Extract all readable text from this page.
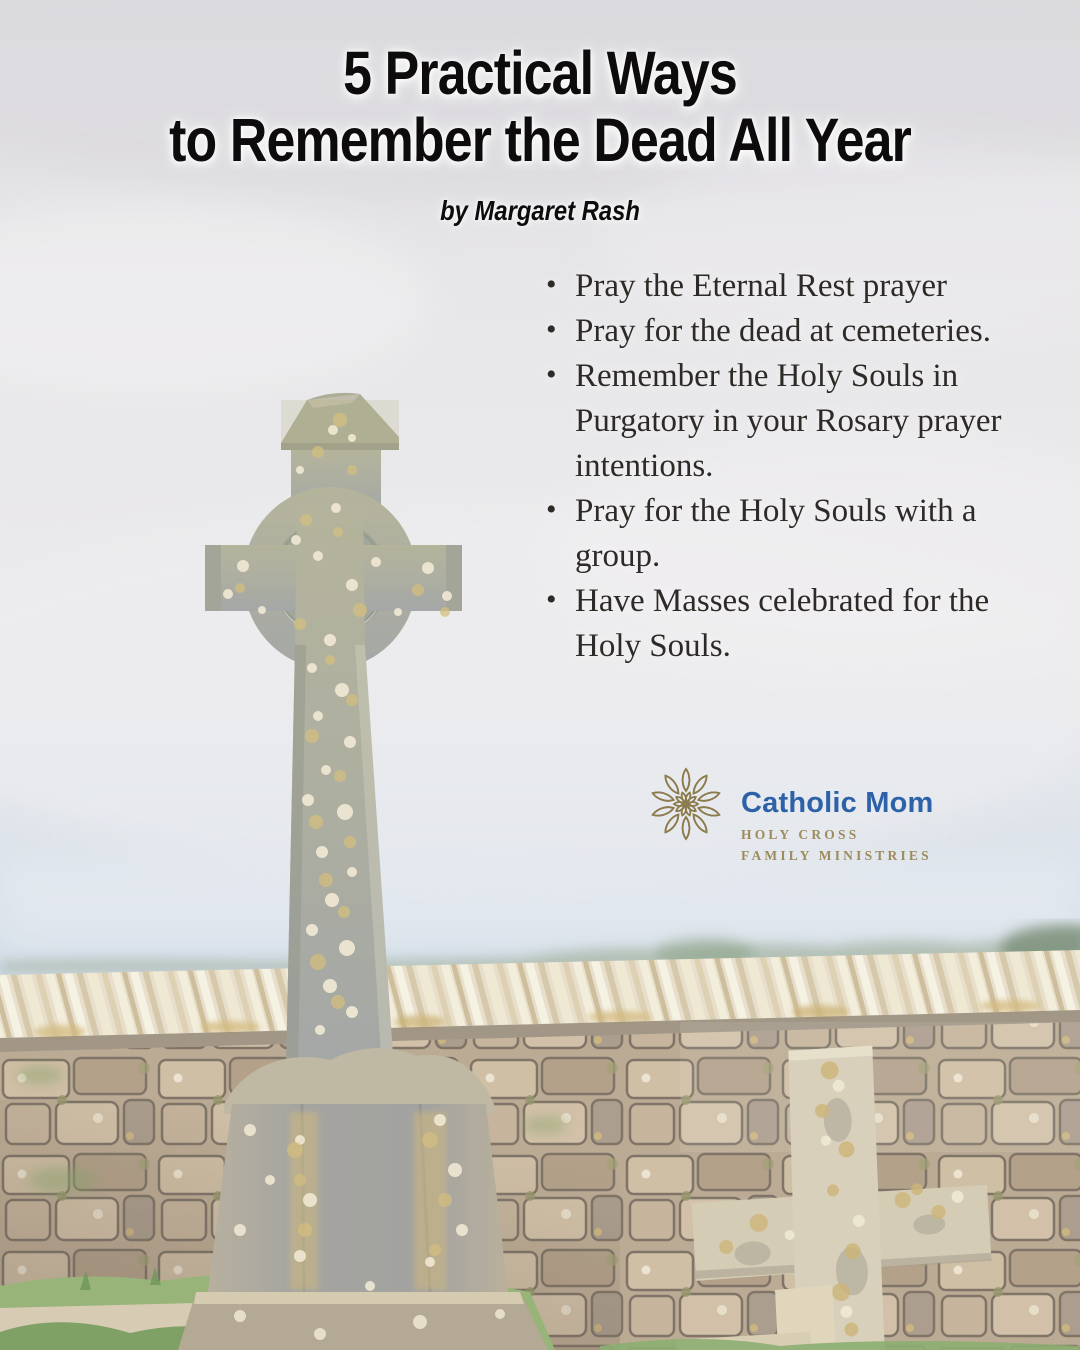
5 Practical Ways
to Remember the Dead All Year
by Margaret Rash
• Pray the Eternal Rest prayer
• Pray for the dead at cemeteries.
• Remember the Holy Souls in Purgatory in your Rosary prayer intentions.
• Pray for the Holy Souls with a group.
• Have Masses celebrated for the Holy Souls.
Catholic Mom
HOLY CROSS
FAMILY MINISTRIES
